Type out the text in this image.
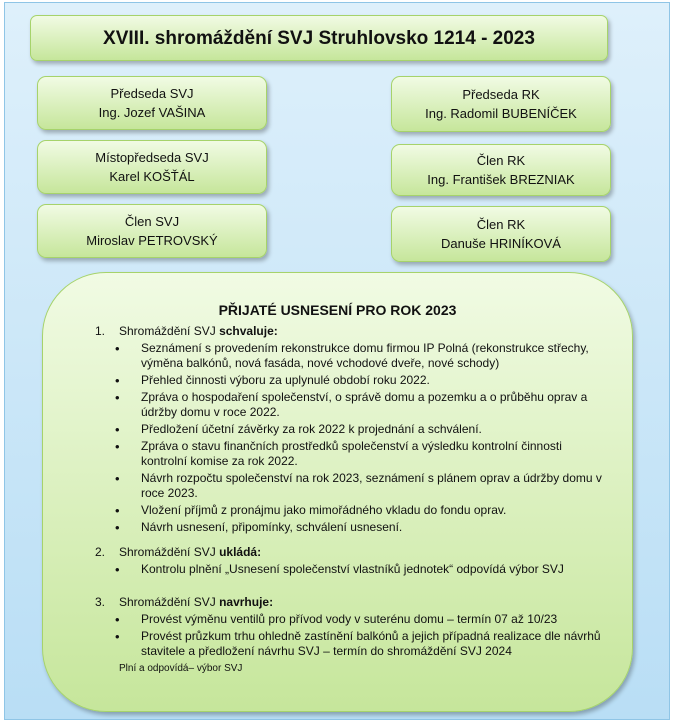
XVIII. shromáždění SVJ Struhlovsko 1214 - 2023
Předseda SVJ
Ing. Jozef VAŠINA
Místopředseda SVJ
Karel KOŠŤÁL
Člen SVJ
Miroslav PETROVSKÝ
Předseda RK
Ing. Radomil BUBENÍČEK
Člen RK
Ing. František BREZNIAK
Člen RK
Danuše HRINÍKOVÁ
PŘIJATÉ USNESENÍ PRO ROK 2023
1. Shromáždění SVJ schvaluje:
• Seznámení s provedením rekonstrukce domu firmou IP Polná (rekonstrukce střechy, výměna balkónů, nová fasáda, nové vchodové dveře, nové schody)
• Přehled činnosti výboru za uplynulé období roku 2022.
• Zpráva o hospodaření společenství, o správě domu a pozemku a o průběhu oprav a údržby domu v roce 2022.
• Předložení účetní závěrky za rok 2022 k projednání a schválení.
• Zpráva o stavu finančních prostředků společenství a výsledku kontrolní činnosti kontrolní komise za rok 2022.
• Návrh rozpočtu společenství na rok 2023, seznámení s plánem oprav a údržby domu v roce 2023.
• Vložení příjmů z pronájmu jako mimořádného vkladu do fondu oprav.
• Návrh usnesení, připomínky, schválení usnesení.
2. Shromáždění SVJ ukládá:
• Kontrolu plnění „Usnesení společenství vlastníků jednotek“ odpovídá výbor SVJ
3. Shromáždění SVJ navrhuje:
• Provést výměnu ventilů pro přívod vody v suterénu domu – termín 07 až 10/23
• Provést průzkum trhu ohledně zastínění balkónů a jejich případná realizace dle návrhů stavitele a předložení návrhu SVJ – termín do shromáždění SVJ 2024
Plní a odpovídá– výbor SVJ
